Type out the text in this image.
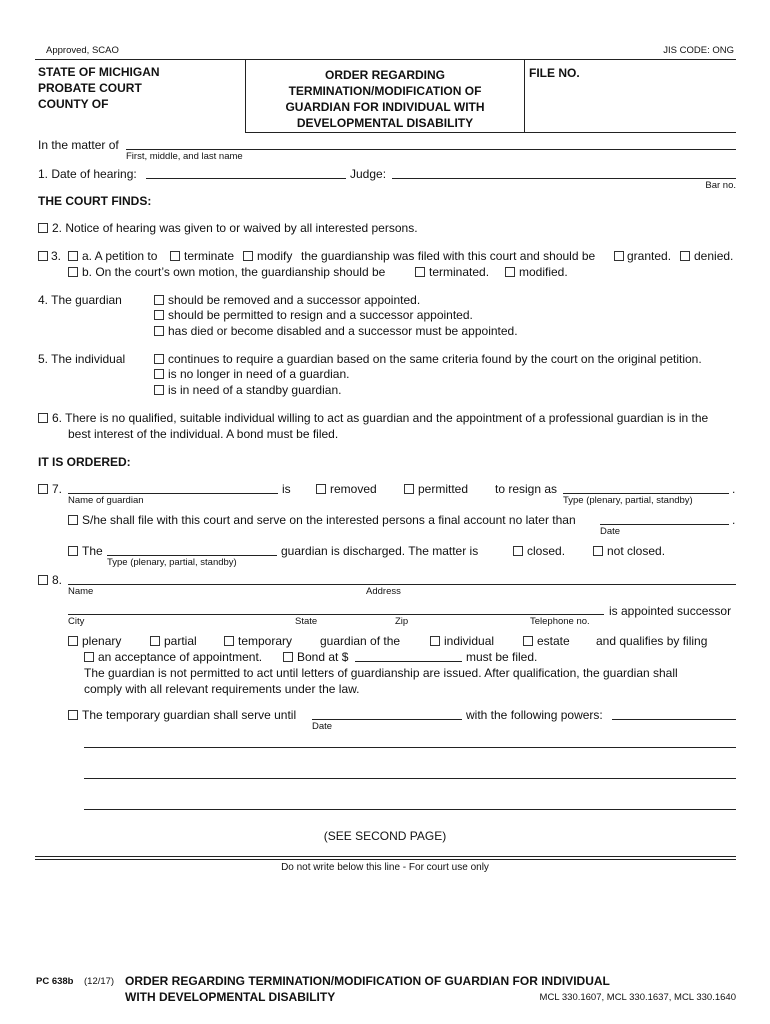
Approved, SCAO	JIS CODE: ONG
STATE OF MICHIGAN
PROBATE COURT
COUNTY OF
ORDER REGARDING
TERMINATION/MODIFICATION OF
GUARDIAN FOR INDIVIDUAL WITH
DEVELOPMENTAL DISABILITY
FILE NO.
In the matter of
First, middle, and last name
1. Date of hearing:	Judge:
Bar no.
THE COURT FINDS:
2. Notice of hearing was given to or waived by all interested persons.
3. a. A petition to terminate modify the guardianship was filed with this court and should be	granted. denied.
b. On the court’s own motion, the guardianship should be	terminated. modified.
4. The guardian	should be removed and a successor appointed.
should be permitted to resign and a successor appointed.
has died or become disabled and a successor must be appointed.
5. The individual	continues to require a guardian based on the same criteria found by the court on the original petition.
is no longer in need of a guardian.
is in need of a standby guardian.
6. There is no qualified, suitable individual willing to act as guardian and the appointment of a professional guardian is in the
best interest of the individual. A bond must be filed.
IT IS ORDERED:
7.
Name of guardian
is	removed	permitted to resign as	.
Type (plenary, partial, standby)
S/he shall file with this court and serve on the interested persons a final account no later than	.
Date
The
Type (plenary, partial, standby)
guardian is discharged. The matter is	closed.	not closed.
8.
Name	Address
is appointed successor
City	State	Zip	Telephone no.
plenary	partial	temporary guardian of the	individual	estate and qualifies by filing
an acceptance of appointment.	Bond at $	must be filed.
The guardian is not permitted to act until letters of guardianship are issued. After qualification, the guardian shall
comply with all relevant requirements under the law.
The temporary guardian shall serve until
Date
with the following powers:
(SEE SECOND PAGE)
Do not write below this line - For court use only
PC 638b (12/17) ORDER REGARDING TERMINATION/MODIFICATION OF GUARDIAN FOR INDIVIDUAL
WITH DEVELOPMENTAL DISABILITY	MCL 330.1607, MCL 330.1637, MCL 330.1640
